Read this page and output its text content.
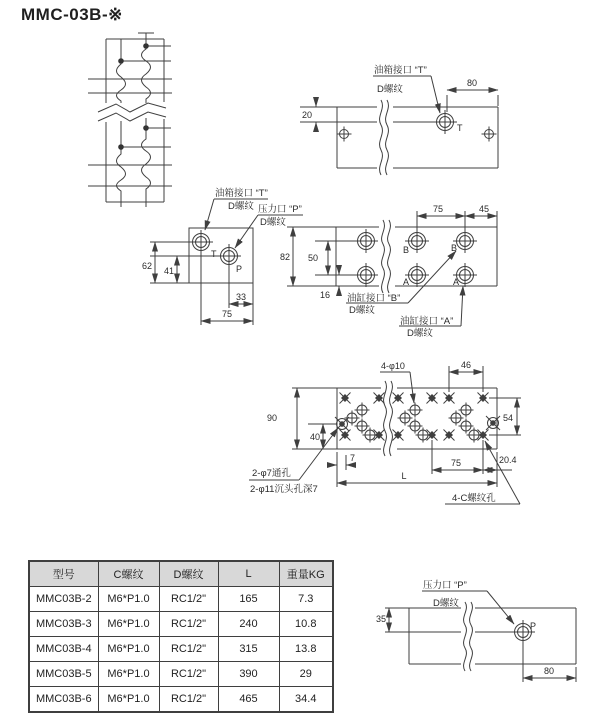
MMC-03B-※
80
20
油箱接口 “T”
D螺纹
T
62 41
33
75
油箱接口 “T”
D螺纹 压力口 “P”
D螺纹
T
P
75	45
82 50
16
B
A
B
A
油缸接口 “B”
D螺纹
油缸接口 “A”
D螺纹
46
4-φ10
90
40
54
7
L
75	20.4
2-φ7通孔
2-φ11沉头孔深7
4-C螺纹孔
35
80
压力口 “P”
D螺纹
P
型号	C螺纹	D螺纹	L	重量KG
MMC03B-2	M6*P1.0	RC1/2"	165	7.3
MMC03B-3	M6*P1.0	RC1/2"	240	10.8
MMC03B-4	M6*P1.0	RC1/2"	315	13.8
MMC03B-5	M6*P1.0	RC1/2"	390	29
MMC03B-6	M6*P1.0	RC1/2"	465	34.4
